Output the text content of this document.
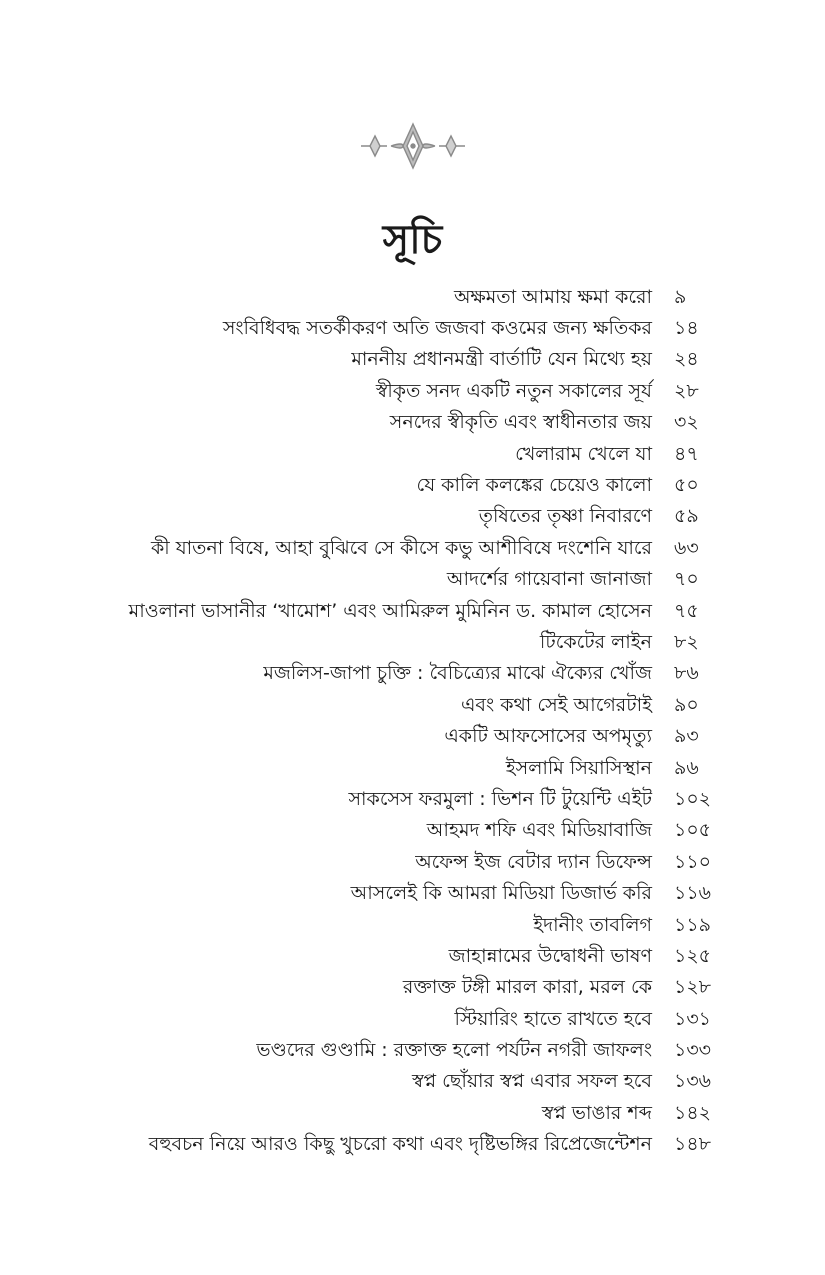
সূচি
অক্ষমতা আমায় ক্ষমা করো ৯
সংবিধিবদ্ধ সতর্কীকরণ অতি জজবা কওমের জন্য ক্ষতিকর ১৪
মাননীয় প্রধানমন্ত্রী বার্তাটি যেন মিথ্যে হয় ২৪
স্বীকৃত সনদ একটি নতুন সকালের সূর্য ২৮
সনদের স্বীকৃতি এবং স্বাধীনতার জয় ৩২
খেলারাম খেলে যা ৪৭
যে কালি কলঙ্কের চেয়েও কালো ৫০
তৃষিতের তৃষ্ণা নিবারণে ৫৯
কী যাতনা বিষে, আহা বুঝিবে সে কীসে কভু আশীবিষে দংশেনি যারে ৬৩
আদর্শের গায়েবানা জানাজা ৭০
মাওলানা ভাসানীর ‘খামোশ’ এবং আমিরুল মুমিনিন ড. কামাল হোসেন ৭৫
টিকেটের লাইন ৮২
মজলিস-জাপা চুক্তি : বৈচিত্র্যের মাঝে ঐক্যের খোঁজ ৮৬
এবং কথা সেই আগেরটাই ৯০
একটি আফসোসের অপমৃত্যু ৯৩
ইসলামি সিয়াসিস্থান ৯৬
সাকসেস ফরমুলা : ভিশন টি টুয়েন্টি এইট ১০২
আহমদ শফি এবং মিডিয়াবাজি ১০৫
অফেন্স ইজ বেটার দ্যান ডিফেন্স ১১০
আসলেই কি আমরা মিডিয়া ডিজার্ভ করি ১১৬
ইদানীং তাবলিগ ১১৯
জাহান্নামের উদ্বোধনী ভাষণ ১২৫
রক্তাক্ত টঙ্গী মারল কারা, মরল কে ১২৮
স্টিয়ারিং হাতে রাখতে হবে ১৩১
ভণ্ডদের গুণ্ডামি : রক্তাক্ত হলো পর্যটন নগরী জাফলং ১৩৩
স্বপ্ন ছোঁয়ার স্বপ্ন এবার সফল হবে ১৩৬
স্বপ্ন ভাঙার শব্দ ১৪২
বহুবচন নিয়ে আরও কিছু খুচরো কথা এবং দৃষ্টিভঙ্গির রিপ্রেজেন্টেশন ১৪৮
